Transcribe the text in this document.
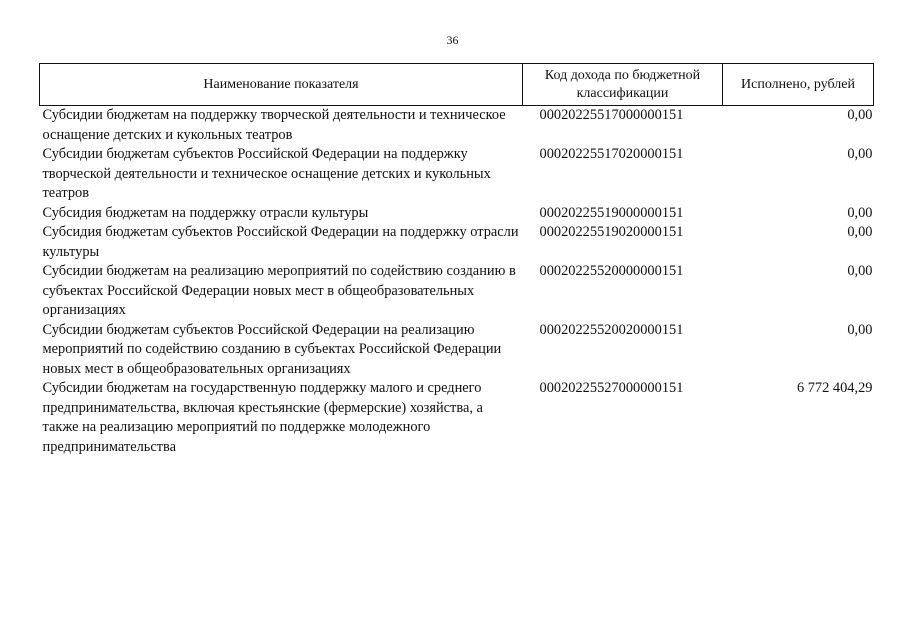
36
Наименование показателя	Код дохода по бюджетной классификации	Исполнено, рублей
Субсидии бюджетам на поддержку творческой деятельности и техническое оснащение детских и кукольных театров	00020225517000000151	0,00
Субсидии бюджетам субъектов Российской Федерации на поддержку творческой деятельности и техническое оснащение детских и кукольных театров	00020225517020000151	0,00
Субсидия бюджетам на поддержку отрасли культуры	00020225519000000151	0,00
Субсидия бюджетам субъектов Российской Федерации на поддержку отрасли культуры	00020225519020000151	0,00
Субсидии бюджетам на реализацию мероприятий по содействию созданию в субъектах Российской Федерации новых мест в общеобразовательных организациях	00020225520000000151	0,00
Субсидии бюджетам субъектов Российской Федерации на реализацию мероприятий по содействию созданию в субъектах Российской Федерации новых мест в общеобразовательных организациях	00020225520020000151	0,00
Субсидии бюджетам на государственную поддержку малого и среднего предпринимательства, включая крестьянские (фермерские) хозяйства, а также на реализацию мероприятий по поддержке молодежного предпринимательства	00020225527000000151	6 772 404,29
